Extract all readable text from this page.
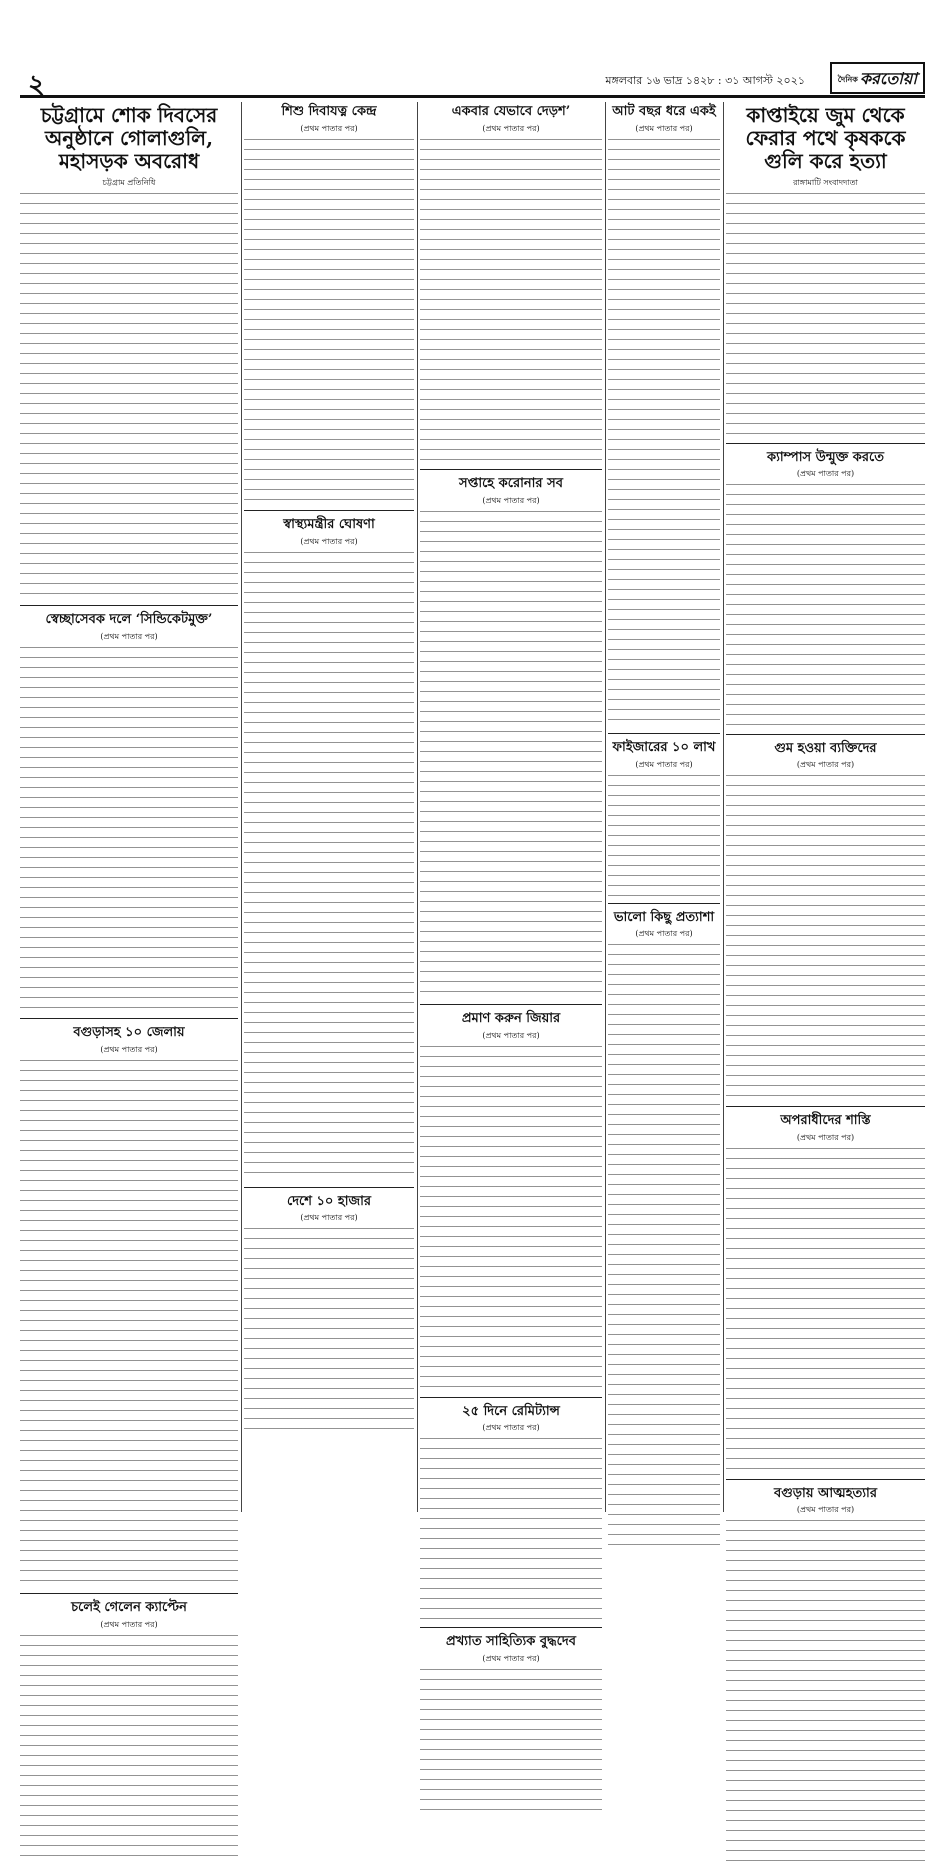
২	মঙ্গলবার ১৬ ভাদ্র ১৪২৮ : ৩১ আগস্ট ২০২১	$^{দৈনিক}$ করতোয়া
চট্টগ্রামে শোক দিবসের অনুষ্ঠানে গোলাগুলি, মহাসড়ক অবরোধ
চট্টগ্রাম প্রতিনিধি
স্বেচ্ছাসেবক দলে ‘সিন্ডিকেটমুক্ত’
(প্রথম পাতার পর)
বগুড়াসহ ১০ জেলায়
(প্রথম পাতার পর)
চলেই গেলেন ক্যাপ্টেন
(প্রথম পাতার পর)
শিশু দিবাযত্ন কেন্দ্র
(প্রথম পাতার পর)
স্বাস্থ্যমন্ত্রীর ঘোষণা
(প্রথম পাতার পর)
দেশে ১০ হাজার
(প্রথম পাতার পর)
একবার যেভাবে দেড়শ’
(প্রথম পাতার পর)
সপ্তাহে করোনার সব
(প্রথম পাতার পর)
প্রমাণ করুন জিয়ার
(প্রথম পাতার পর)
২৫ দিনে রেমিট্যান্স
(প্রথম পাতার পর)
প্রখ্যাত সাহিত্যিক বুদ্ধদেব
(প্রথম পাতার পর)
আট বছর ধরে একই
(প্রথম পাতার পর)
ফাইজারের ১০ লাখ
(প্রথম পাতার পর)
ভালো কিছু প্রত্যাশা
(প্রথম পাতার পর)
কাপ্তাইয়ে জুম থেকে ফেরার পথে কৃষককে গুলি করে হত্যা
রাঙ্গামাটি সংবাদদাতা
ক্যাম্পাস উন্মুক্ত করতে
(প্রথম পাতার পর)
গুম হওয়া ব্যক্তিদের
(প্রথম পাতার পর)
অপরাধীদের শাস্তি
(প্রথম পাতার পর)
বগুড়ায় আত্মহত্যার
(প্রথম পাতার পর)
